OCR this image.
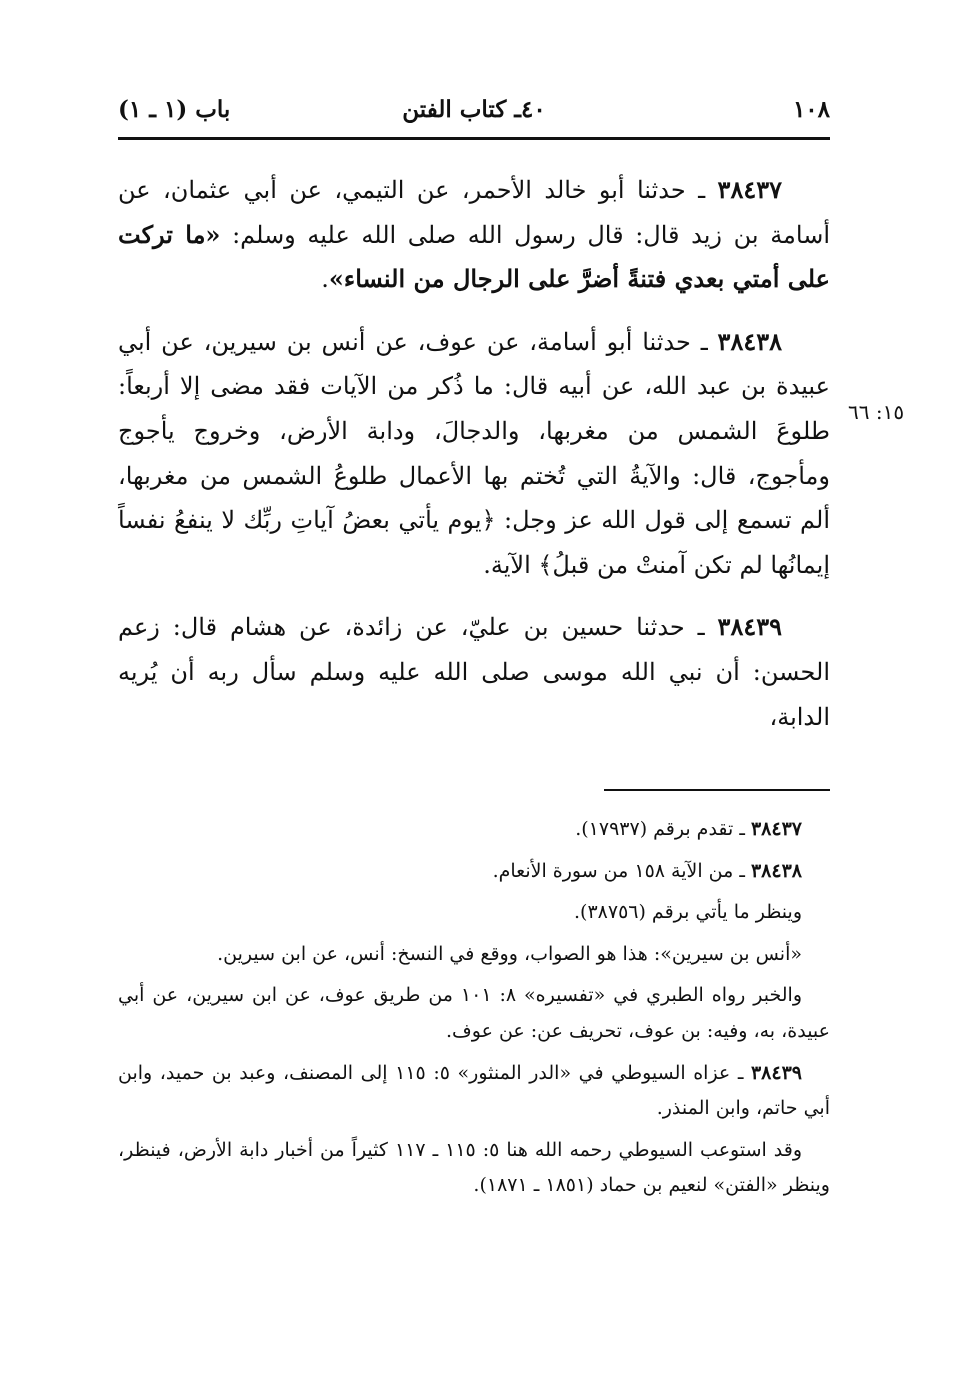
١٠٨
٤٠ـ كتاب الفتن
باب (١ ـ ١)
١٥: ٦٦

٣٨٤٣٧ ـ حدثنا أبو خالد الأحمر، عن التيمي، عن أبي عثمان، عن أسامة بن زيد قال: قال رسول الله صلى الله عليه وسلم: «ما تركت على أمتي بعدي فتنةً أضرَّ على الرجال من النساء».

٣٨٤٣٨ ـ حدثنا أبو أسامة، عن عوف، عن أنس بن سيرين، عن أبي عبيدة بن عبد الله، عن أبيه قال: ما ذُكر من الآيات فقد مضى إلا أربعاً: طلوعَ الشمس من مغربها، والدجالَ، ودابة الأرض، وخروج يأجوج ومأجوج، قال: والآيةُ التي تُختم بها الأعمال طلوعُ الشمس من مغربها، ألم تسمع إلى قول الله عز وجل: ﴿يوم يأتي بعضُ آياتِ ربِّك لا ينفعُ نفساً إيمانُها لم تكن آمنتْ من قبلُ﴾ الآية.

٣٨٤٣٩ ـ حدثنا حسين بن عليّ، عن زائدة، عن هشام قال: زعم الحسن: أن نبي الله موسى صلى الله عليه وسلم سأل ربه أن يُريه الدابة،

٣٨٤٣٧ ـ تقدم برقم (١٧٩٣٧).

٣٨٤٣٨ ـ من الآية ١٥٨ من سورة الأنعام.

وينظر ما يأتي برقم (٣٨٧٥٦).

«أنس بن سيرين»: هذا هو الصواب، ووقع في النسخ: أنس، عن ابن سيرين.

والخبر رواه الطبري في «تفسيره» ٨: ١٠١ من طريق عوف، عن ابن سيرين، عن أبي عبيدة، به، وفيه: بن عوف، تحريف عن: عن عوف.

٣٨٤٣٩ ـ عزاه السيوطي في «الدر المنثور» ٥: ١١٥ إلى المصنف، وعبد بن حميد، وابن أبي حاتم، وابن المنذر.

وقد استوعب السيوطي رحمه الله هنا ٥: ١١٥ ـ ١١٧ كثيراً من أخبار دابة الأرض، فينظر، وينظر «الفتن» لنعيم بن حماد (١٨٥١ ـ ١٨٧١).
